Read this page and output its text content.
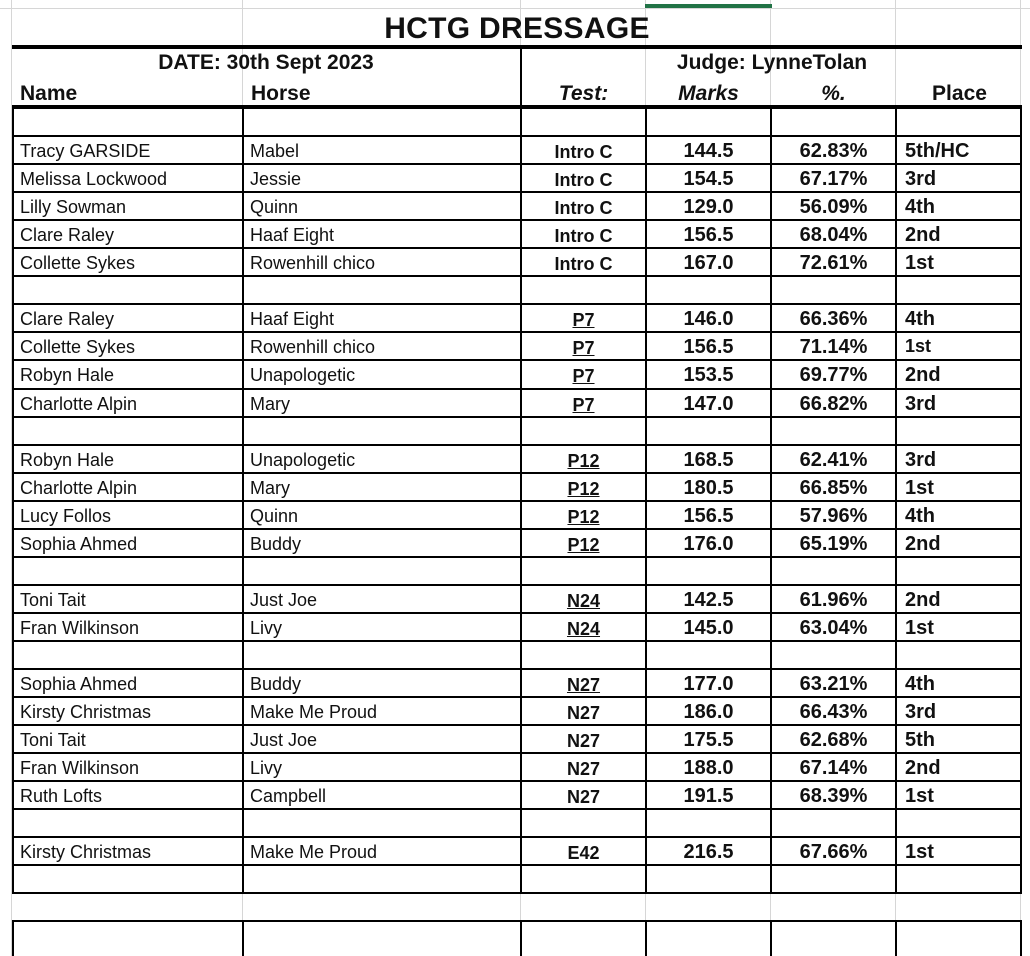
HCTG DRESSAGE
DATE: 30th Sept 2023	Judge: LynneTolan
Name	Horse	Test:	Marks	%.	Place
Tracy GARSIDE	Mabel	Intro C	144.5	62.83%	5th/HC
Melissa Lockwood	Jessie	Intro C	154.5	67.17%	3rd
Lilly Sowman	Quinn	Intro C	129.0	56.09%	4th
Clare Raley	Haaf Eight	Intro C	156.5	68.04%	2nd
Collette Sykes	Rowenhill chico	Intro C	167.0	72.61%	1st
Clare Raley	Haaf Eight	P7	146.0	66.36%	4th
Collette Sykes	Rowenhill chico	P7	156.5	71.14%	1st
Robyn Hale	Unapologetic	P7	153.5	69.77%	2nd
Charlotte Alpin	Mary	P7	147.0	66.82%	3rd
Robyn Hale	Unapologetic	P12	168.5	62.41%	3rd
Charlotte Alpin	Mary	P12	180.5	66.85%	1st
Lucy Follos	Quinn	P12	156.5	57.96%	4th
Sophia Ahmed	Buddy	P12	176.0	65.19%	2nd
Toni Tait	Just Joe	N24	142.5	61.96%	2nd
Fran Wilkinson	Livy	N24	145.0	63.04%	1st
Sophia Ahmed	Buddy	N27	177.0	63.21%	4th
Kirsty Christmas	Make Me Proud	N27	186.0	66.43%	3rd
Toni Tait	Just Joe	N27	175.5	62.68%	5th
Fran Wilkinson	Livy	N27	188.0	67.14%	2nd
Ruth Lofts	Campbell	N27	191.5	68.39%	1st
Kirsty Christmas	Make Me Proud	E42	216.5	67.66%	1st
